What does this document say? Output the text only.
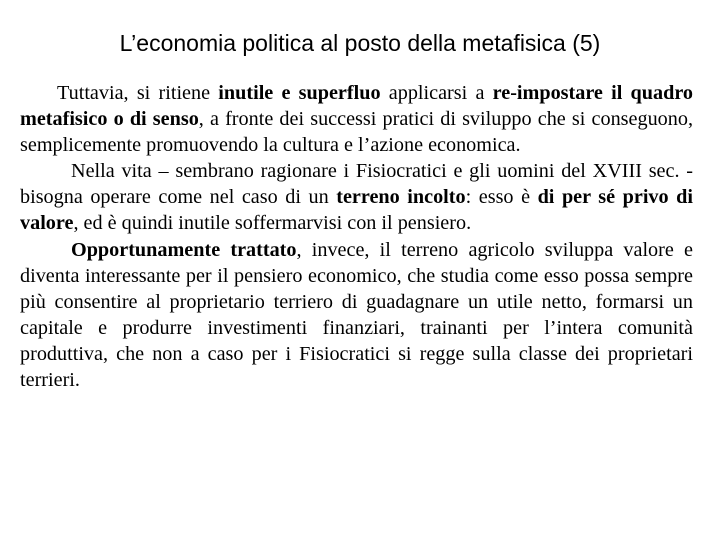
L’economia politica al posto della metafisica (5)

Tuttavia, si ritiene inutile e superfluo applicarsi a re-impostare il quadro metafisico o di senso, a fronte dei successi pratici di sviluppo che si conseguono, semplicemente promuovendo la cultura e l’azione economica.

Nella vita – sembrano ragionare i Fisiocratici e gli uomini del XVIII sec. - bisogna operare come nel caso di un terreno incolto: esso è di per sé privo di valore, ed è quindi inutile soffermarvisi con il pensiero.

Opportunamente trattato, invece, il terreno agricolo sviluppa valore e diventa interessante per il pensiero economico, che studia come esso possa sempre più consentire al proprietario terriero di guadagnare un utile netto, formarsi un capitale e produrre investimenti finanziari, trainanti per l’intera comunità produttiva, che non a caso per i Fisiocratici si regge sulla classe dei proprietari terrieri.
